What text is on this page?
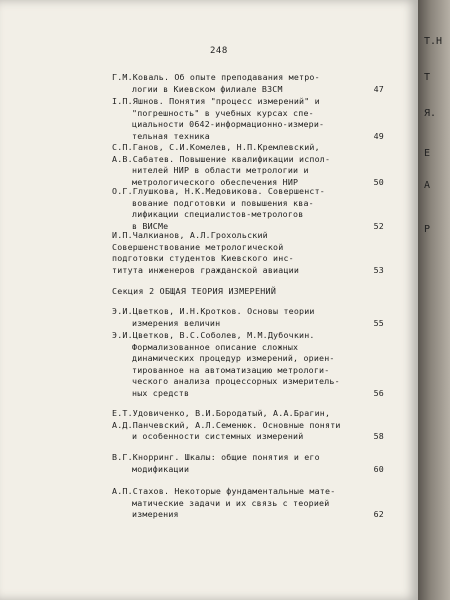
248
Г.М.Коваль. Об опыте преподавания метро-
логии в Киевском филиале ВЗСМ	47
I.П.Яшнов. Понятия "процесс измерений" и
"погрешность" в учебных курсах спе-
циальности 0642-информационно-измери-
тельная техника	49
С.П.Ганов, С.И.Комелев, Н.П.Кремлевский,
А.В.Сабатев. Повышение квалификации испол-
нителей НИР в области метрологии и
метрологического обеспечения НИР	50
О.Г.Глушкова, Н.К.Медовикова. Совершенст-
вование подготовки и повышения ква-
лификации специалистов-метрологов
в ВИСМе	52
И.П.Чалкианов, А.Л.Грохольский
Совершенствование метрологической
подготовки студентов Киевского инс-
титута инженеров гражданской авиации	53
Секция 2 ОБЩАЯ ТЕОРИЯ ИЗМЕРЕНИЙ
Э.И.Цветков, И.Н.Кротков. Основы теории
измерения величин	55
Э.И.Цветков, В.С.Соболев, М.М.Дубочкин.
Формализованное описание сложных
динамических процедур измерений, ориен-
тированное на автоматизацию метрологи-
ческого анализа процессорных измеритель-
ных средств	56
Е.Т.Удовиченко, В.И.Бородатый, А.А.Брагин,
А.Д.Панчевский, А.Л.Семенюк. Основные поняти
и особенности системных измерений	58
В.Г.Кнорринг. Шкалы: общие понятия и его
модификации	60
А.П.Стахов. Некоторые фундаментальные мате-
матические задачи и их связь с теорией
измерения	62
Т.Н
Т
Я.
Е
А
Р
